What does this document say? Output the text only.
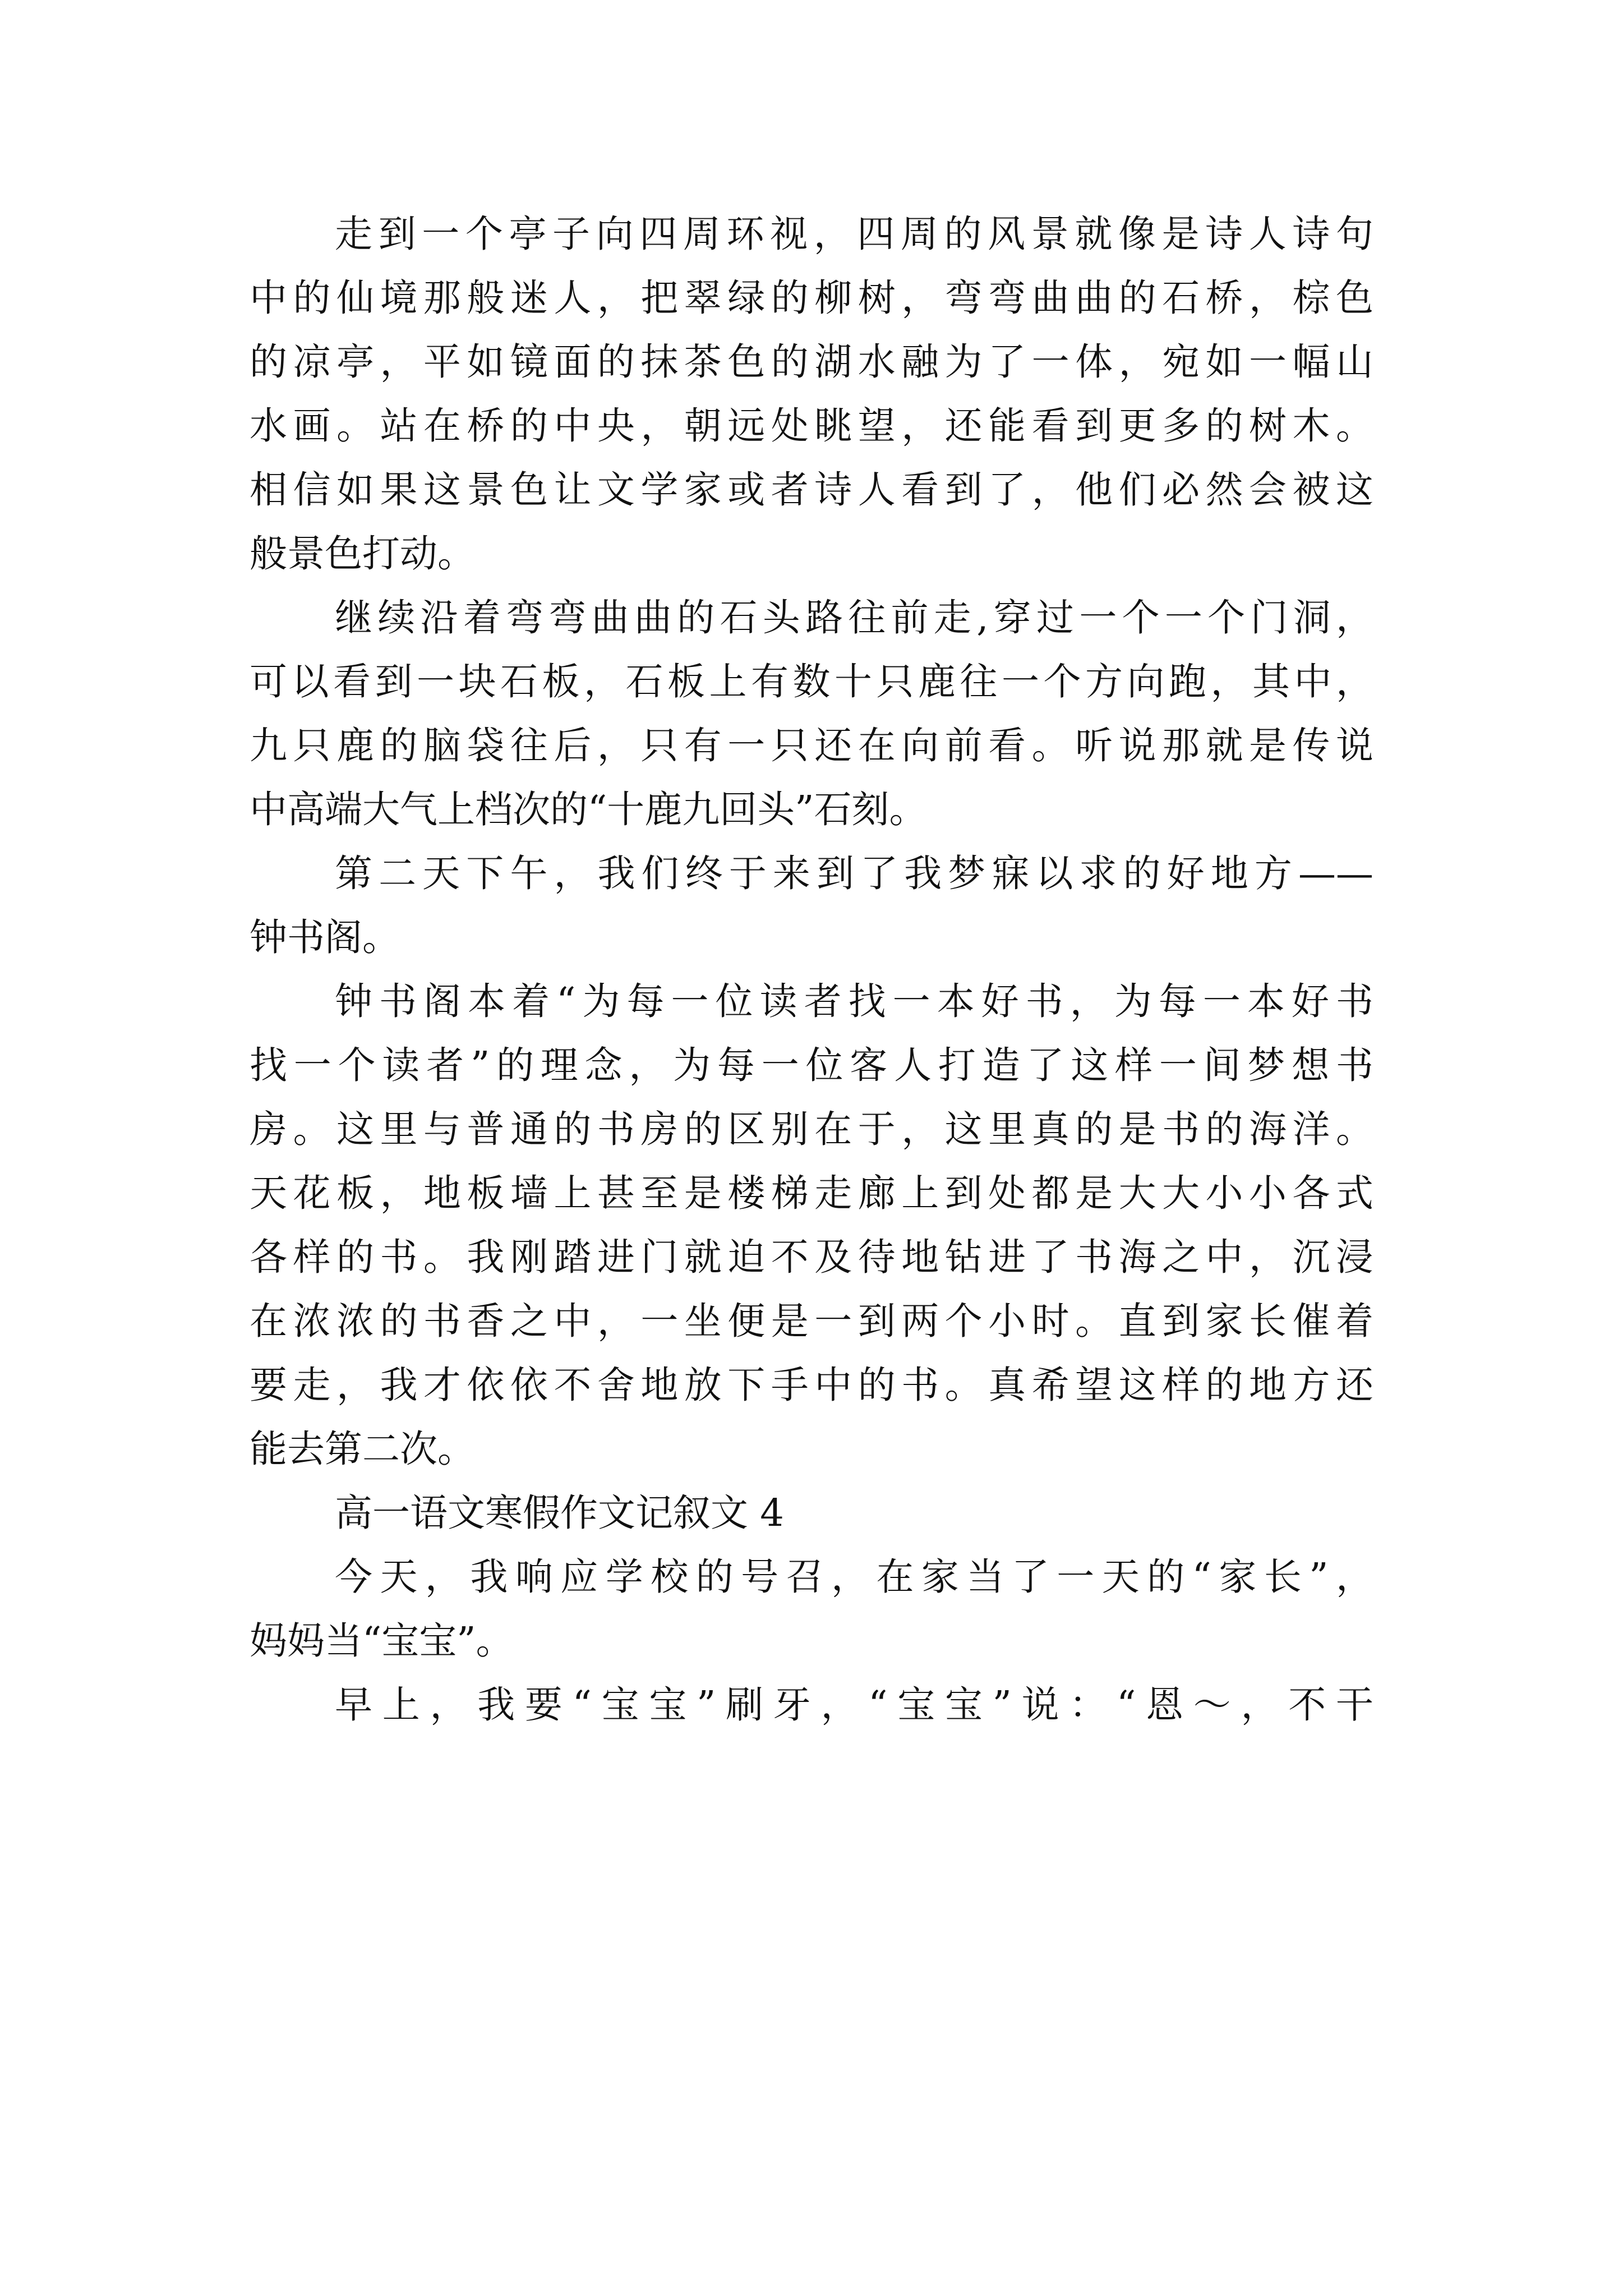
走到一个亭子向四周环视，四周的风景就像是诗人诗句
中的仙境那般迷人，把翠绿的柳树，弯弯曲曲的石桥，棕色
的凉亭，平如镜面的抹茶色的湖水融为了一体，宛如一幅山
水画。站在桥的中央，朝远处眺望，还能看到更多的树木。
相信如果这景色让文学家或者诗人看到了，他们必然会被这
般景色打动。
继续沿着弯弯曲曲的石头路往前走,穿过一个一个门洞，
可以看到一块石板，石板上有数十只鹿往一个方向跑，其中，
九只鹿的脑袋往后，只有一只还在向前看。听说那就是传说
中高端大气上档次的“十鹿九回头”石刻。
第二天下午，我们终于来到了我梦寐以求的好地方——
钟书阁。
钟书阁本着“为每一位读者找一本好书，为每一本好书
找一个读者”的理念，为每一位客人打造了这样一间梦想书
房。这里与普通的书房的区别在于，这里真的是书的海洋。
天花板，地板墙上甚至是楼梯走廊上到处都是大大小小各式
各样的书。我刚踏进门就迫不及待地钻进了书海之中，沉浸
在浓浓的书香之中，一坐便是一到两个小时。直到家长催着
要走，我才依依不舍地放下手中的书。真希望这样的地方还
能去第二次。
高一语文寒假作文记叙文 4
今天，我响应学校的号召，在家当了一天的“家长”，
妈妈当“宝宝”。
早上，我要“宝宝”刷牙，“宝宝”说：“恩～，不干
